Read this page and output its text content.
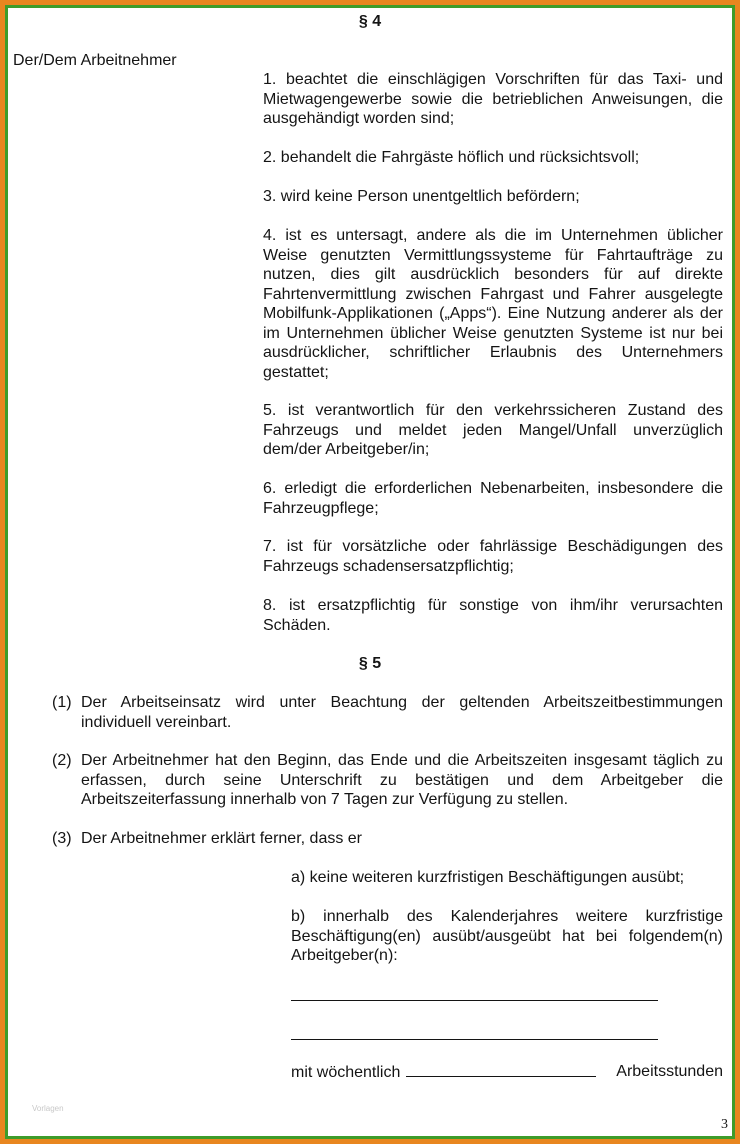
§ 4

Der/Dem Arbeitnehmer

1. beachtet die einschlägigen Vorschriften für das Taxi- und Mietwagengewerbe sowie die betrieblichen Anweisungen, die ausgehändigt worden sind;

2. behandelt die Fahrgäste höflich und rücksichtsvoll;

3. wird keine Person unentgeltlich befördern;

4. ist es untersagt, andere als die im Unternehmen üblicher Weise genutzten Vermittlungssysteme für Fahrtaufträge zu nutzen, dies gilt ausdrücklich besonders für auf direkte Fahrtenvermittlung zwischen Fahrgast und Fahrer ausgelegte Mobilfunk-Applikationen („Apps“). Eine Nutzung anderer als der im Unternehmen üblicher Weise genutzten Systeme ist nur bei ausdrücklicher, schriftlicher Erlaubnis des Unternehmers gestattet;

5. ist verantwortlich für den verkehrssicheren Zustand des Fahrzeugs und meldet jeden Mangel/Unfall unverzüglich dem/der Arbeitgeber/in;

6. erledigt die erforderlichen Nebenarbeiten, insbesondere die Fahrzeugpflege;

7. ist für vorsätzliche oder fahrlässige Beschädigungen des Fahrzeugs schadensersatzpflichtig;

8. ist ersatzpflichtig für sonstige von ihm/ihr verursachten Schäden.

§ 5

(1) Der Arbeitseinsatz wird unter Beachtung der geltenden Arbeitszeitbestimmungen individuell vereinbart.
(2) Der Arbeitnehmer hat den Beginn, das Ende und die Arbeitszeiten insgesamt täglich zu erfassen, durch seine Unterschrift zu bestätigen und dem Arbeitgeber die Arbeitszeiterfassung innerhalb von 7 Tagen zur Verfügung zu stellen.
(3) Der Arbeitnehmer erklärt ferner, dass er

a) keine weiteren kurzfristigen Beschäftigungen ausübt;

b) innerhalb des Kalenderjahres weitere kurzfristige Beschäftigung(en) ausübt/ausgeübt hat bei folgendem(n) Arbeitgeber(n):

mit wöchentlich	Arbeitsstunden
Vorlagen
3
